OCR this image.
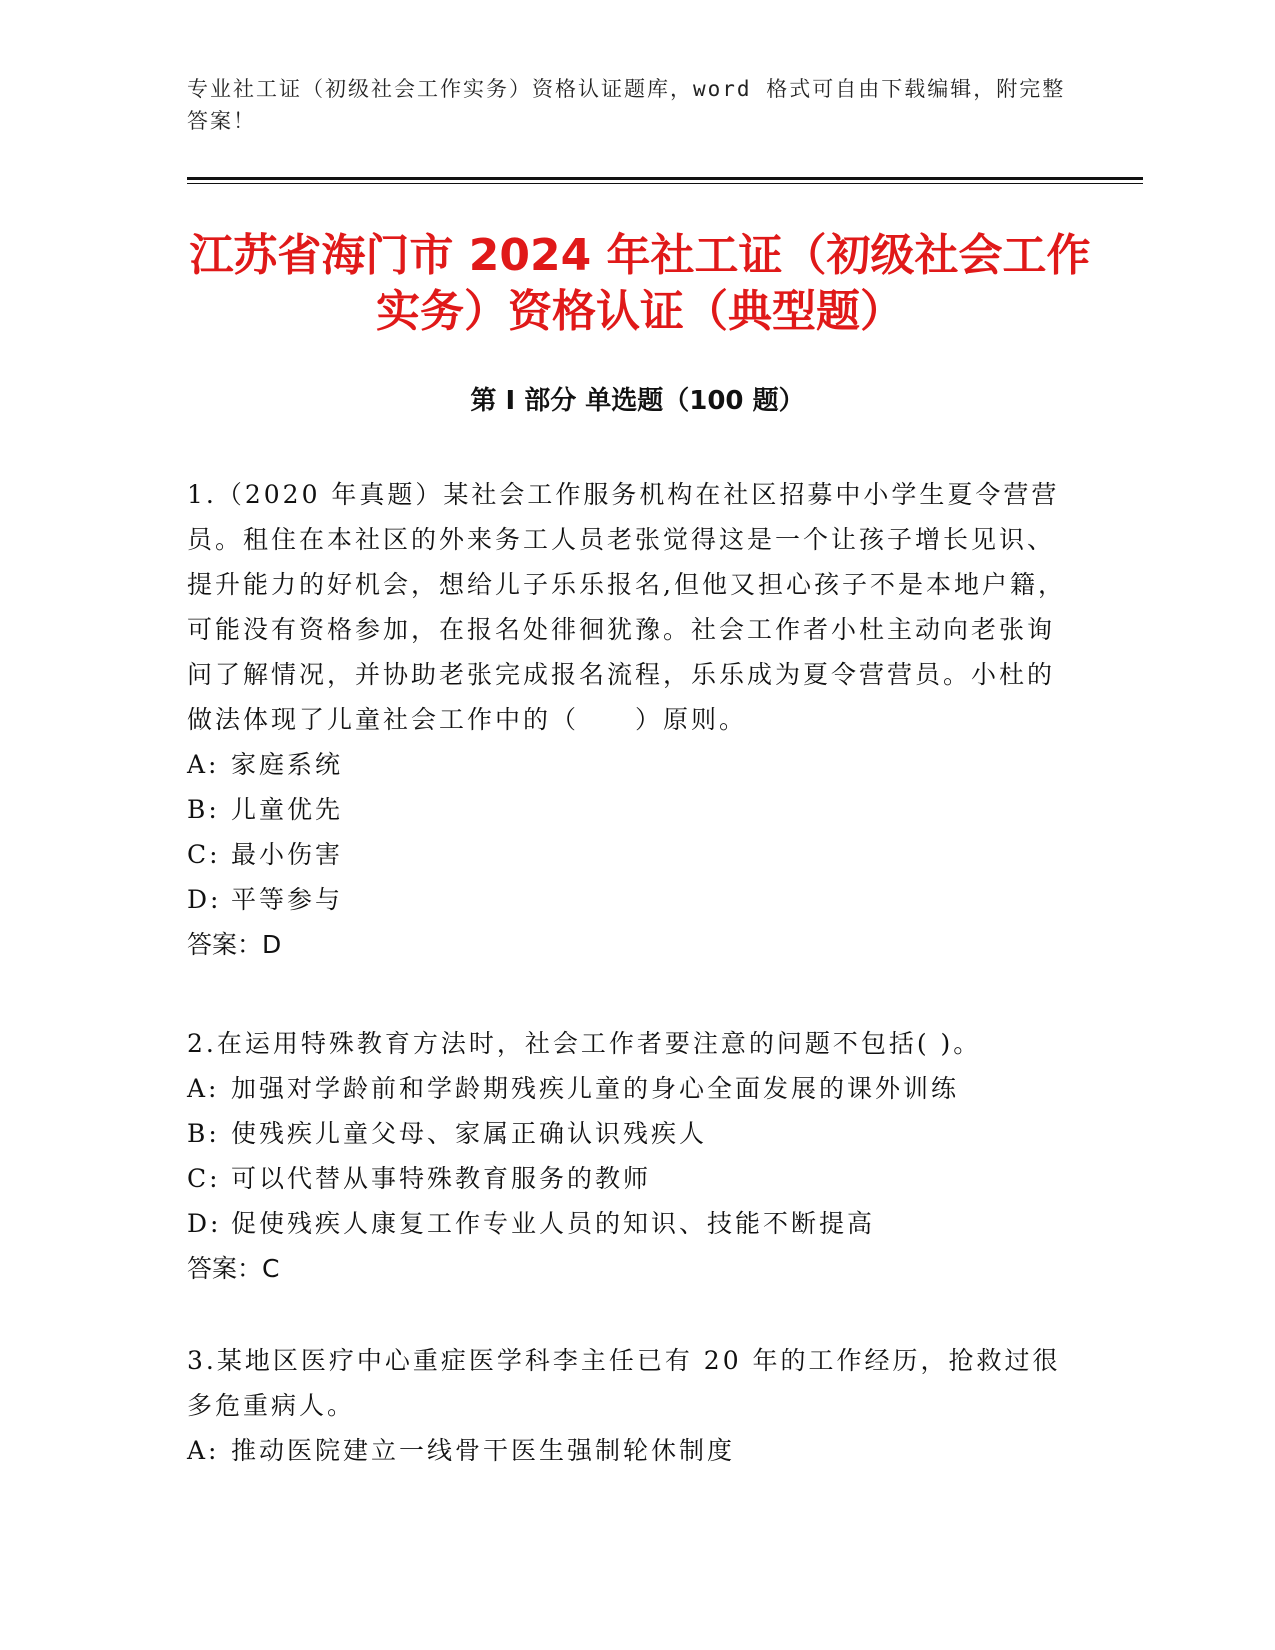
专业社工证（初级社会工作实务）资格认证题库，word 格式可自由下载编辑，附完整答案！
江苏省海门市 2024 年社工证（初级社会工作
实务）资格认证（典型题）
第 I 部分 单选题（100 题）

1.（2020 年真题）某社会工作服务机构在社区招募中小学生夏令营营员。租住在本社区的外来务工人员老张觉得这是一个让孩子增长见识、提升能力的好机会，想给儿子乐乐报名,但他又担心孩子不是本地户籍，可能没有资格参加，在报名处徘徊犹豫。社会工作者小杜主动向老张询问了解情况，并协助老张完成报名流程，乐乐成为夏令营营员。小杜的做法体现了儿童社会工作中的（　　）原则。

A: 家庭系统

B: 儿童优先

C: 最小伤害

D: 平等参与

答案：D

2.在运用特殊教育方法时，社会工作者要注意的问题不包括( )。

A: 加强对学龄前和学龄期残疾儿童的身心全面发展的课外训练

B: 使残疾儿童父母、家属正确认识残疾人

C: 可以代替从事特殊教育服务的教师

D: 促使残疾人康复工作专业人员的知识、技能不断提高

答案：C

3.某地区医疗中心重症医学科李主任已有 20 年的工作经历，抢救过很多危重病人。

A: 推动医院建立一线骨干医生强制轮休制度
